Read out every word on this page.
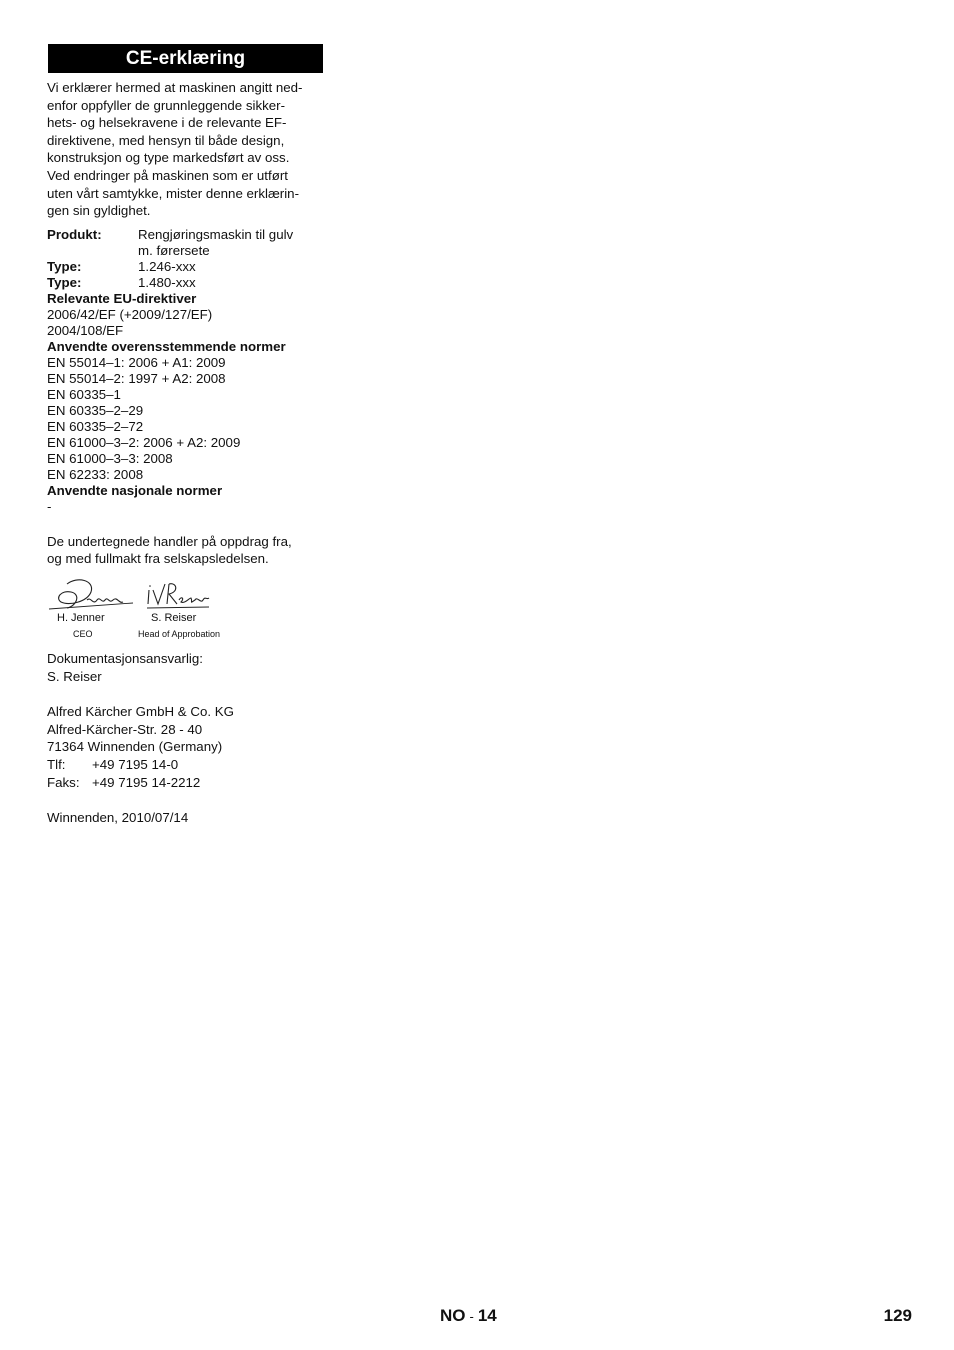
CE-erklæring
Vi erklærer hermed at maskinen angitt ned-
enfor oppfyller de grunnleggende sikker-
hets- og helsekravene i de relevante EF-
direktivene, med hensyn til både design,
konstruksjon og type markedsført av oss.
Ved endringer på maskinen som er utført
uten vårt samtykke, mister denne erklærin-
gen sin gyldighet.
Produkt:	Rengjøringsmaskin til gulv
m. førersete
Type:	1.246-xxx
Type:	1.480-xxx
Relevante EU-direktiver
2006/42/EF (+2009/127/EF)
2004/108/EF
Anvendte overensstemmende normer
EN 55014–1: 2006 + A1: 2009
EN 55014–2: 1997 + A2: 2008
EN 60335–1
EN 60335–2–29
EN 60335–2–72
EN 61000–3–2: 2006 + A2: 2009
EN 61000–3–3: 2008
EN 62233: 2008
Anvendte nasjonale normer
-
De undertegnede handler på oppdrag fra,
og med fullmakt fra selskapsledelsen.
H. Jenner
CEO
S. Reiser
Head of Approbation
Dokumentasjonsansvarlig:
S. Reiser
Alfred Kärcher GmbH & Co. KG
Alfred-Kärcher-Str. 28 - 40
71364 Winnenden (Germany)
Tlf:	+49 7195 14-0
Faks: +49 7195 14-2212
Winnenden, 2010/07/14
NO - 14	129
